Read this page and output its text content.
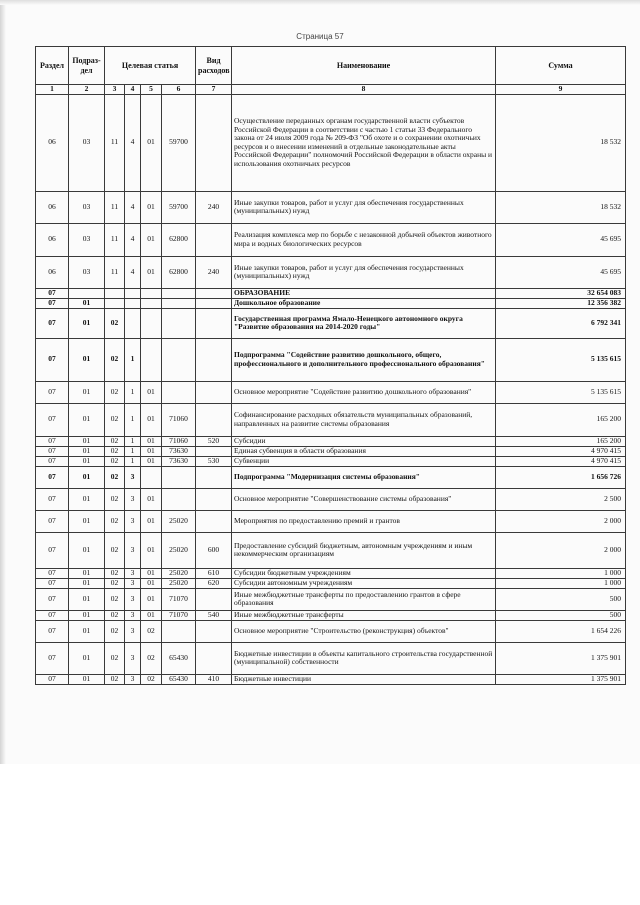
Страница 57
Раздел	Подраз-дел	Целевая статья				Вид расходов	Наименование	Сумма
1	2	3	4	5	6	7	8	9
06	03	11	4	01	59700		Осуществление переданных органам государственной власти субъектов Российской Федерации в соответствии с частью 1 статьи 33 Федерального закона от 24 июля 2009 года № 209-ФЗ "Об охоте и о сохранении охотничьих ресурсов и о внесении изменений в отдельные законодательные акты Российской Федерации" полномочий Российской Федерации в области охраны и использования охотничьих ресурсов	18 532
06	03	11	4	01	59700	240	Иные закупки товаров, работ и услуг для обеспечения государственных (муниципальных) нужд	18 532
06	03	11	4	01	62800		Реализация комплекса мер по борьбе с незаконной добычей объектов животного мира и водных биологических ресурсов	45 695
06	03	11	4	01	62800	240	Иные закупки товаров, работ и услуг для обеспечения государственных (муниципальных) нужд	45 695
07							ОБРАЗОВАНИЕ	32 654 083
07	01						Дошкольное образование	12 356 382
07	01	02					Государственная программа Ямало-Ненецкого автономного округа "Развитие образования на 2014-2020 годы"	6 792 341
07	01	02	1				Подпрограмма "Содействие развитию дошкольного, общего, профессионального и дополнительного профессионального образования"	5 135 615
07	01	02	1	01			Основное мероприятие "Содействие развитию дошкольного образования"	5 135 615
07	01	02	1	01	71060		Софинансирование расходных обязательств муниципальных образований, направленных на развитие системы образования	165 200
07	01	02	1	01	71060	520	Субсидии	165 200
07	01	02	1	01	73630		Единая субвенция в области образования	4 970 415
07	01	02	1	01	73630	530	Субвенции	4 970 415
07	01	02	3				Подпрограмма "Модернизация системы образования"	1 656 726
07	01	02	3	01			Основное мероприятие "Совершенствование системы образования"	2 500
07	01	02	3	01	25020		Мероприятия по предоставлению премий и грантов	2 000
07	01	02	3	01	25020	600	Предоставление субсидий бюджетным, автономным учреждениям и иным некоммерческим организациям	2 000
07	01	02	3	01	25020	610	Субсидии бюджетным учреждениям	1 000
07	01	02	3	01	25020	620	Субсидии автономным учреждениям	1 000
07	01	02	3	01	71070		Иные межбюджетные трансферты по предоставлению грантов в сфере образования	500
07	01	02	3	01	71070	540	Иные межбюджетные трансферты	500
07	01	02	3	02			Основное мероприятие "Строительство (реконструкция) объектов"	1 654 226
07	01	02	3	02	65430		Бюджетные инвестиции в объекты капитального строительства государственной (муниципальной) собственности	1 375 901
07	01	02	3	02	65430	410	Бюджетные инвестиции	1 375 901
